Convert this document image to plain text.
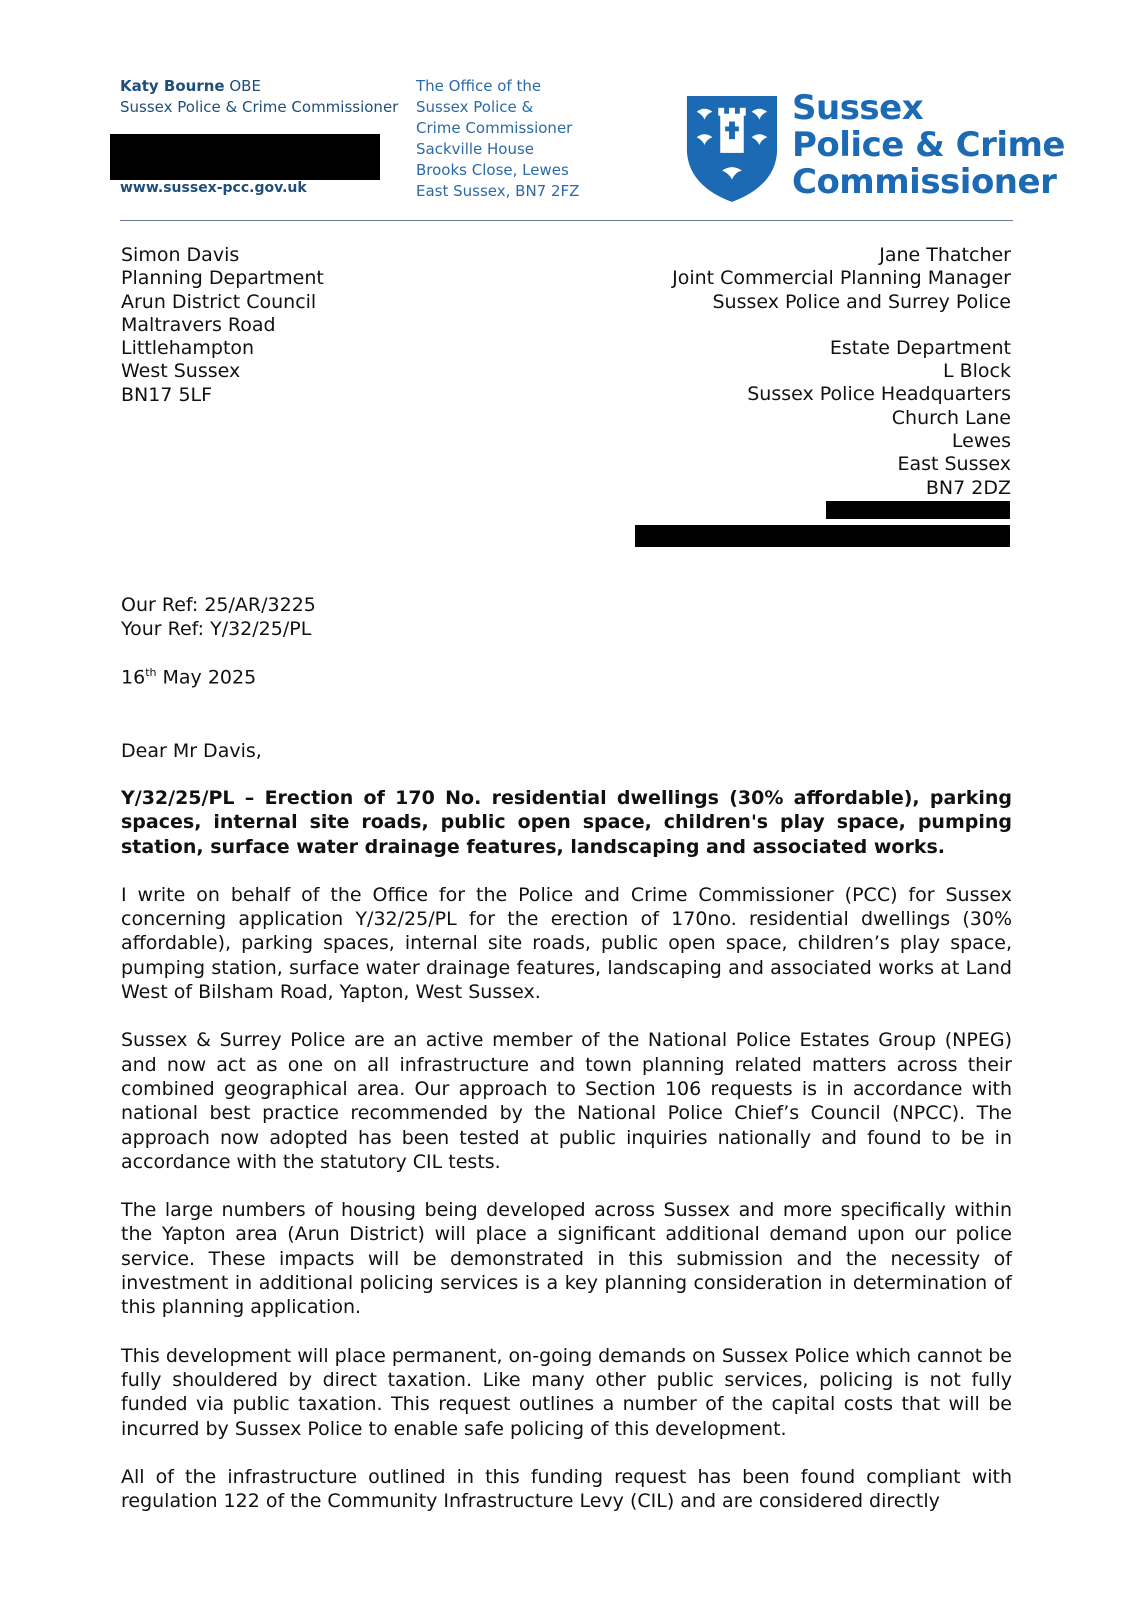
Katy Bourne OBE
Sussex Police & Crime Commissioner
www.sussex-pcc.gov.uk
The Office of the
Sussex Police &
Crime Commissioner
Sackville House
Brooks Close, Lewes
East Sussex, BN7 2FZ
Sussex
Police & Crime
Commissioner
Simon Davis
Planning Department
Arun District Council
Maltravers Road
Littlehampton
West Sussex
BN17 5LF
Jane Thatcher
Joint Commercial Planning Manager
Sussex Police and Surrey Police
Estate Department
L Block
Sussex Police Headquarters
Church Lane
Lewes
East Sussex
BN7 2DZ
Our Ref: 25/AR/3225
Your Ref: Y/32/25/PL
16th May 2025
Dear Mr Davis,

Y/32/25/PL – Erection of 170 No. residential dwellings (30% affordable), parking spaces, internal site roads, public open space, children's play space, pumping station, surface water drainage features, landscaping and associated works.

I write on behalf of the Office for the Police and Crime Commissioner (PCC) for Sussex concerning application Y/32/25/PL for the erection of 170no. residential dwellings (30% affordable), parking spaces, internal site roads, public open space, children’s play space, pumping station, surface water drainage features, landscaping and associated works at Land West of Bilsham Road, Yapton, West Sussex.

Sussex & Surrey Police are an active member of the National Police Estates Group (NPEG) and now act as one on all infrastructure and town planning related matters across their combined geographical area. Our approach to Section 106 requests is in accordance with national best practice recommended by the National Police Chief’s Council (NPCC). The approach now adopted has been tested at public inquiries nationally and found to be in accordance with the statutory CIL tests.

The large numbers of housing being developed across Sussex and more specifically within the Yapton area (Arun District) will place a significant additional demand upon our police service. These impacts will be demonstrated in this submission and the necessity of investment in additional policing services is a key planning consideration in determination of this planning application.

This development will place permanent, on-going demands on Sussex Police which cannot be fully shouldered by direct taxation. Like many other public services, policing is not fully funded via public taxation. This request outlines a number of the capital costs that will be incurred by Sussex Police to enable safe policing of this development.

All of the infrastructure outlined in this funding request has been found compliant with regulation 122 of the Community Infrastructure Levy (CIL) and are considered directly
